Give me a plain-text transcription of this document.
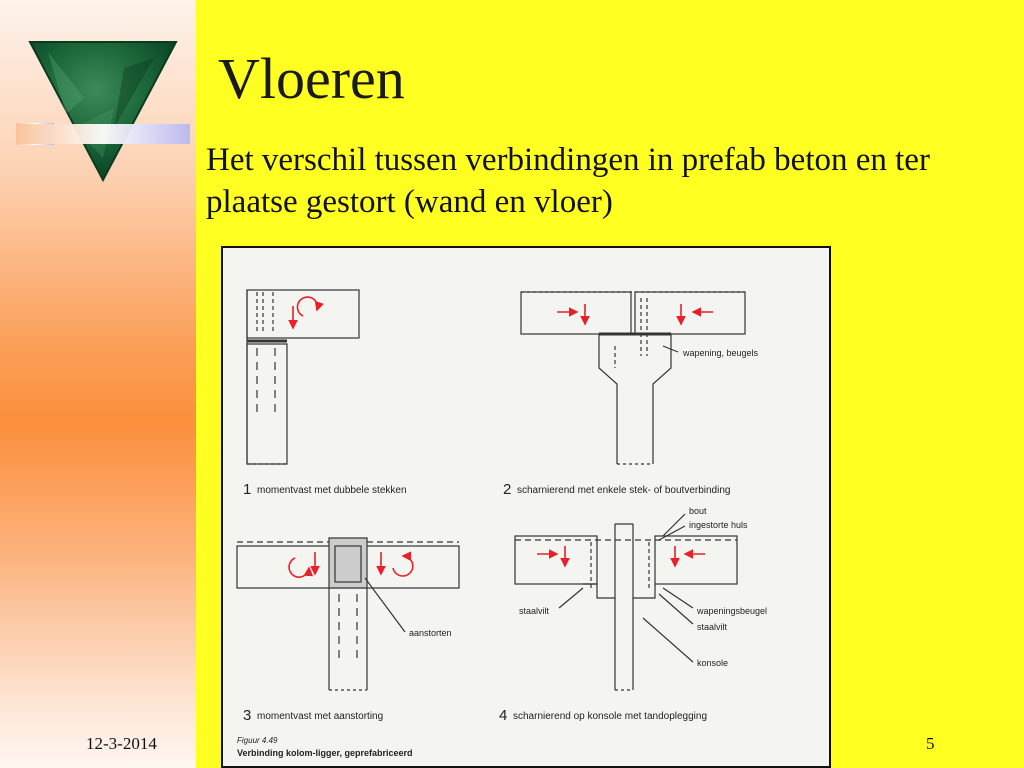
Vloeren

Het verschil tussen verbindingen in prefab beton en ter plaatse gestort (wand en vloer)

wapening, beugels
aanstorten
bout
ingestorte huls
staalvilt	wapeningsbeugel
staalvilt
konsole
1 momentvast met dubbele stekken	2 scharnierend met enkele stek- of boutverbinding
3 momentvast met aanstorting	4 scharnierend op konsole met tandoplegging
Figuur 4.49
Verbinding kolom-ligger, geprefabriceerd
12-3-2014	5
